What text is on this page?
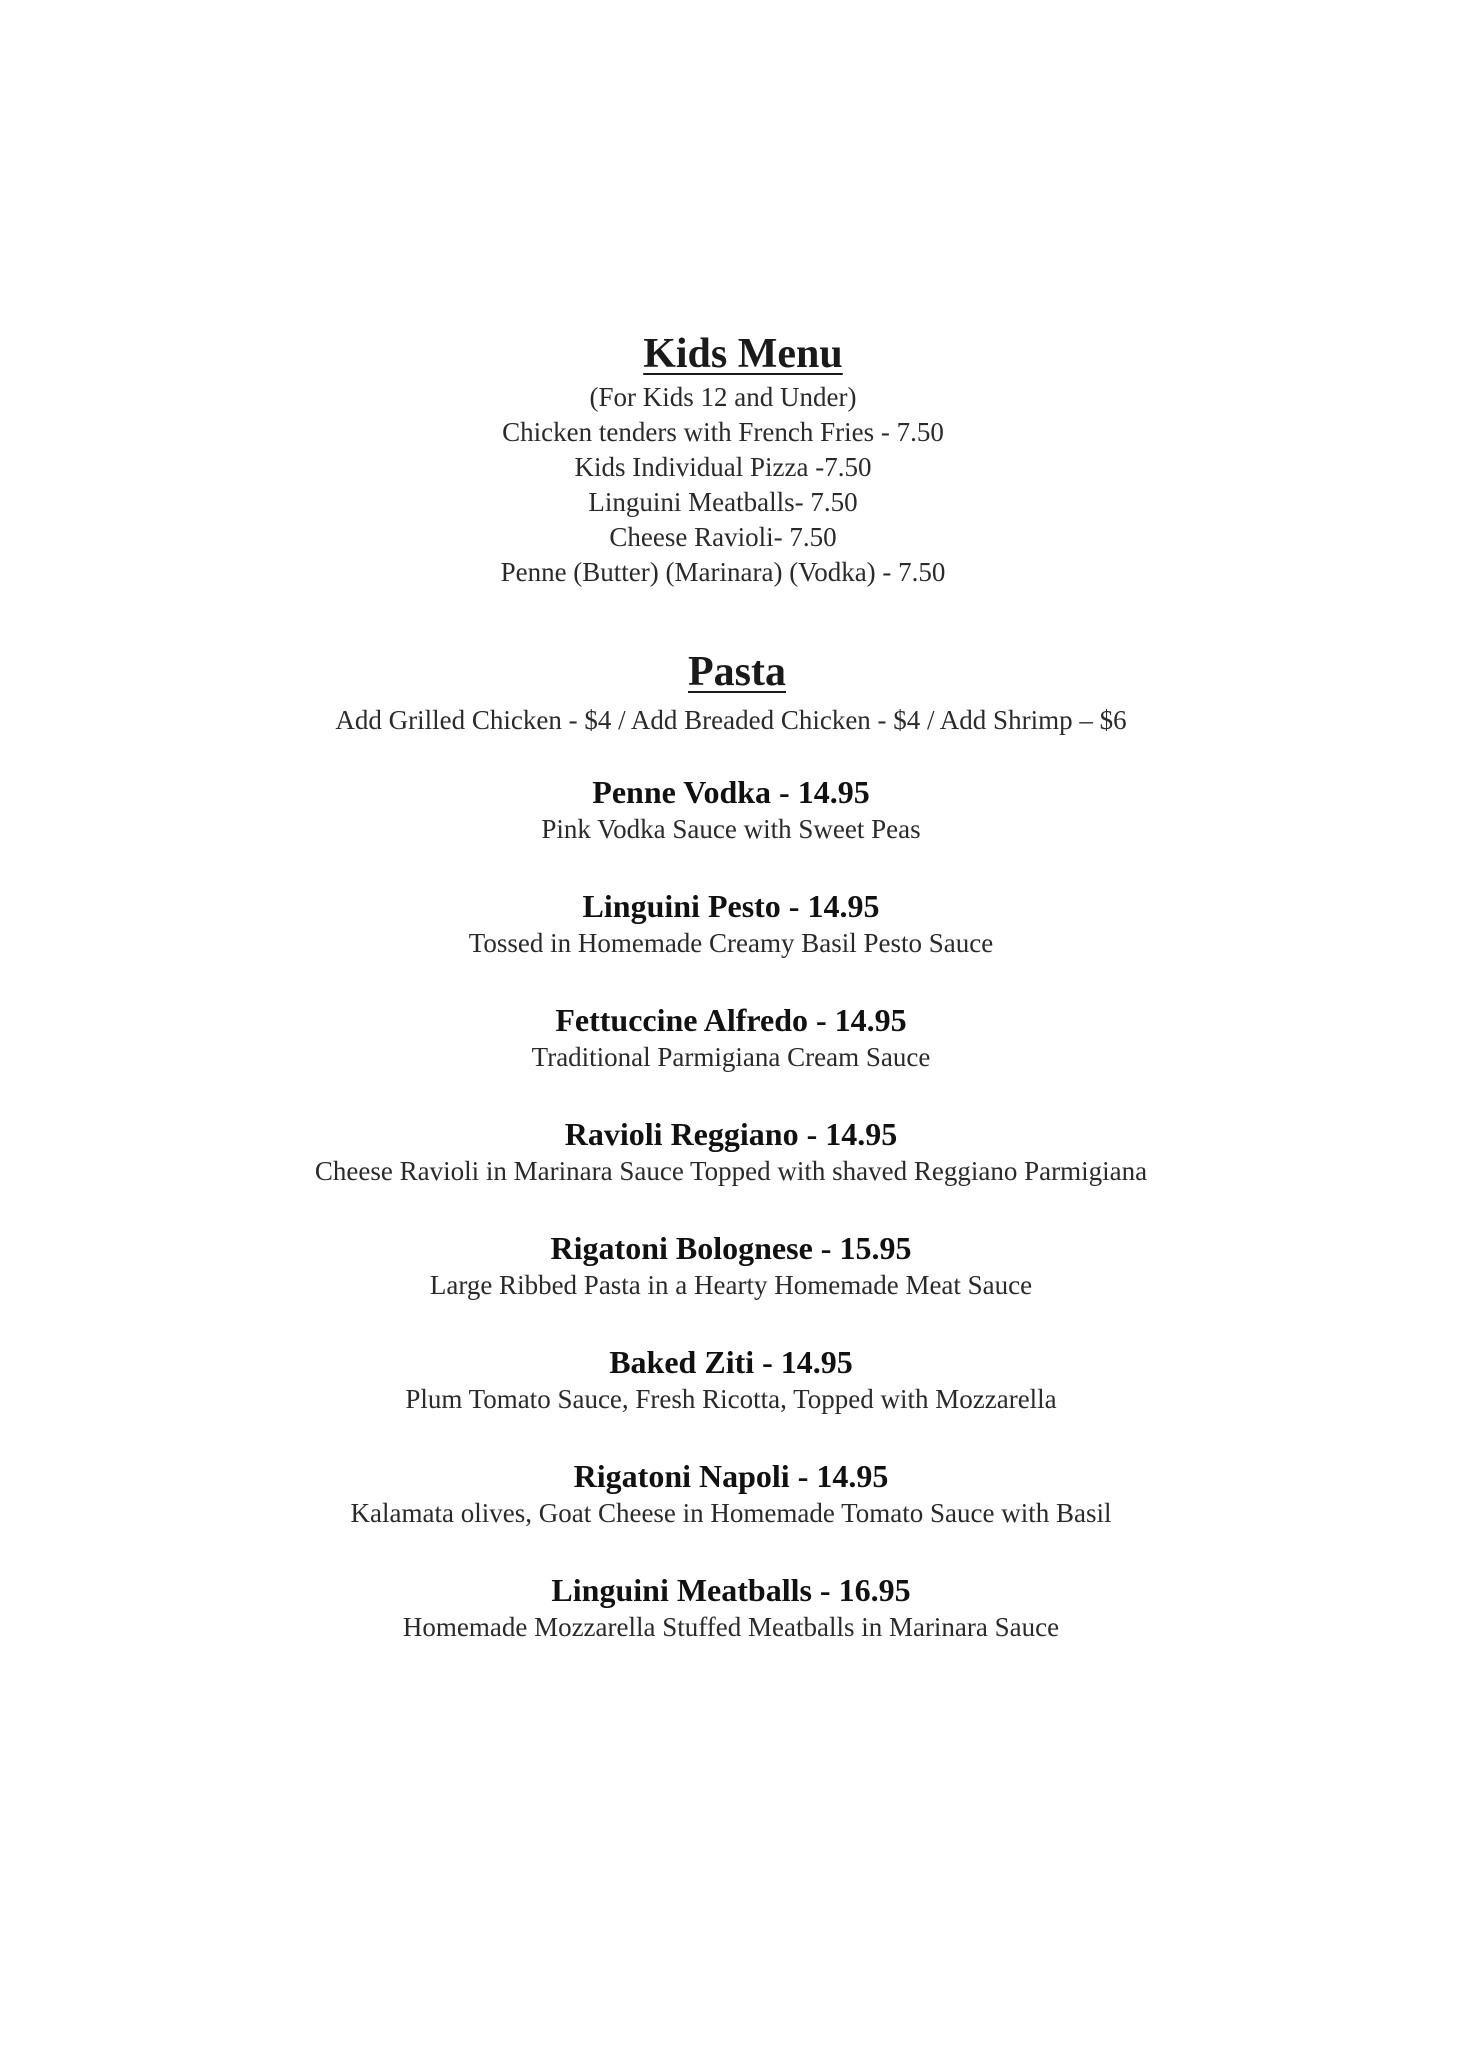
Kids Menu

(For Kids 12 and Under)

Chicken tenders with French Fries - 7.50

Kids Individual Pizza -7.50

Linguini Meatballs- 7.50

Cheese Ravioli- 7.50

Penne (Butter) (Marinara) (Vodka) - 7.50

Pasta

Add Grilled Chicken - $4 / Add Breaded Chicken - $4 / Add Shrimp – $6

Penne Vodka - 14.95

Pink Vodka Sauce with Sweet Peas

Linguini Pesto - 14.95

Tossed in Homemade Creamy Basil Pesto Sauce

Fettuccine Alfredo - 14.95

Traditional Parmigiana Cream Sauce

Ravioli Reggiano - 14.95

Cheese Ravioli in Marinara Sauce Topped with shaved Reggiano Parmigiana

Rigatoni Bolognese - 15.95

Large Ribbed Pasta in a Hearty Homemade Meat Sauce

Baked Ziti - 14.95

Plum Tomato Sauce, Fresh Ricotta, Topped with Mozzarella

Rigatoni Napoli - 14.95

Kalamata olives, Goat Cheese in Homemade Tomato Sauce with Basil

Linguini Meatballs - 16.95

Homemade Mozzarella Stuffed Meatballs in Marinara Sauce
